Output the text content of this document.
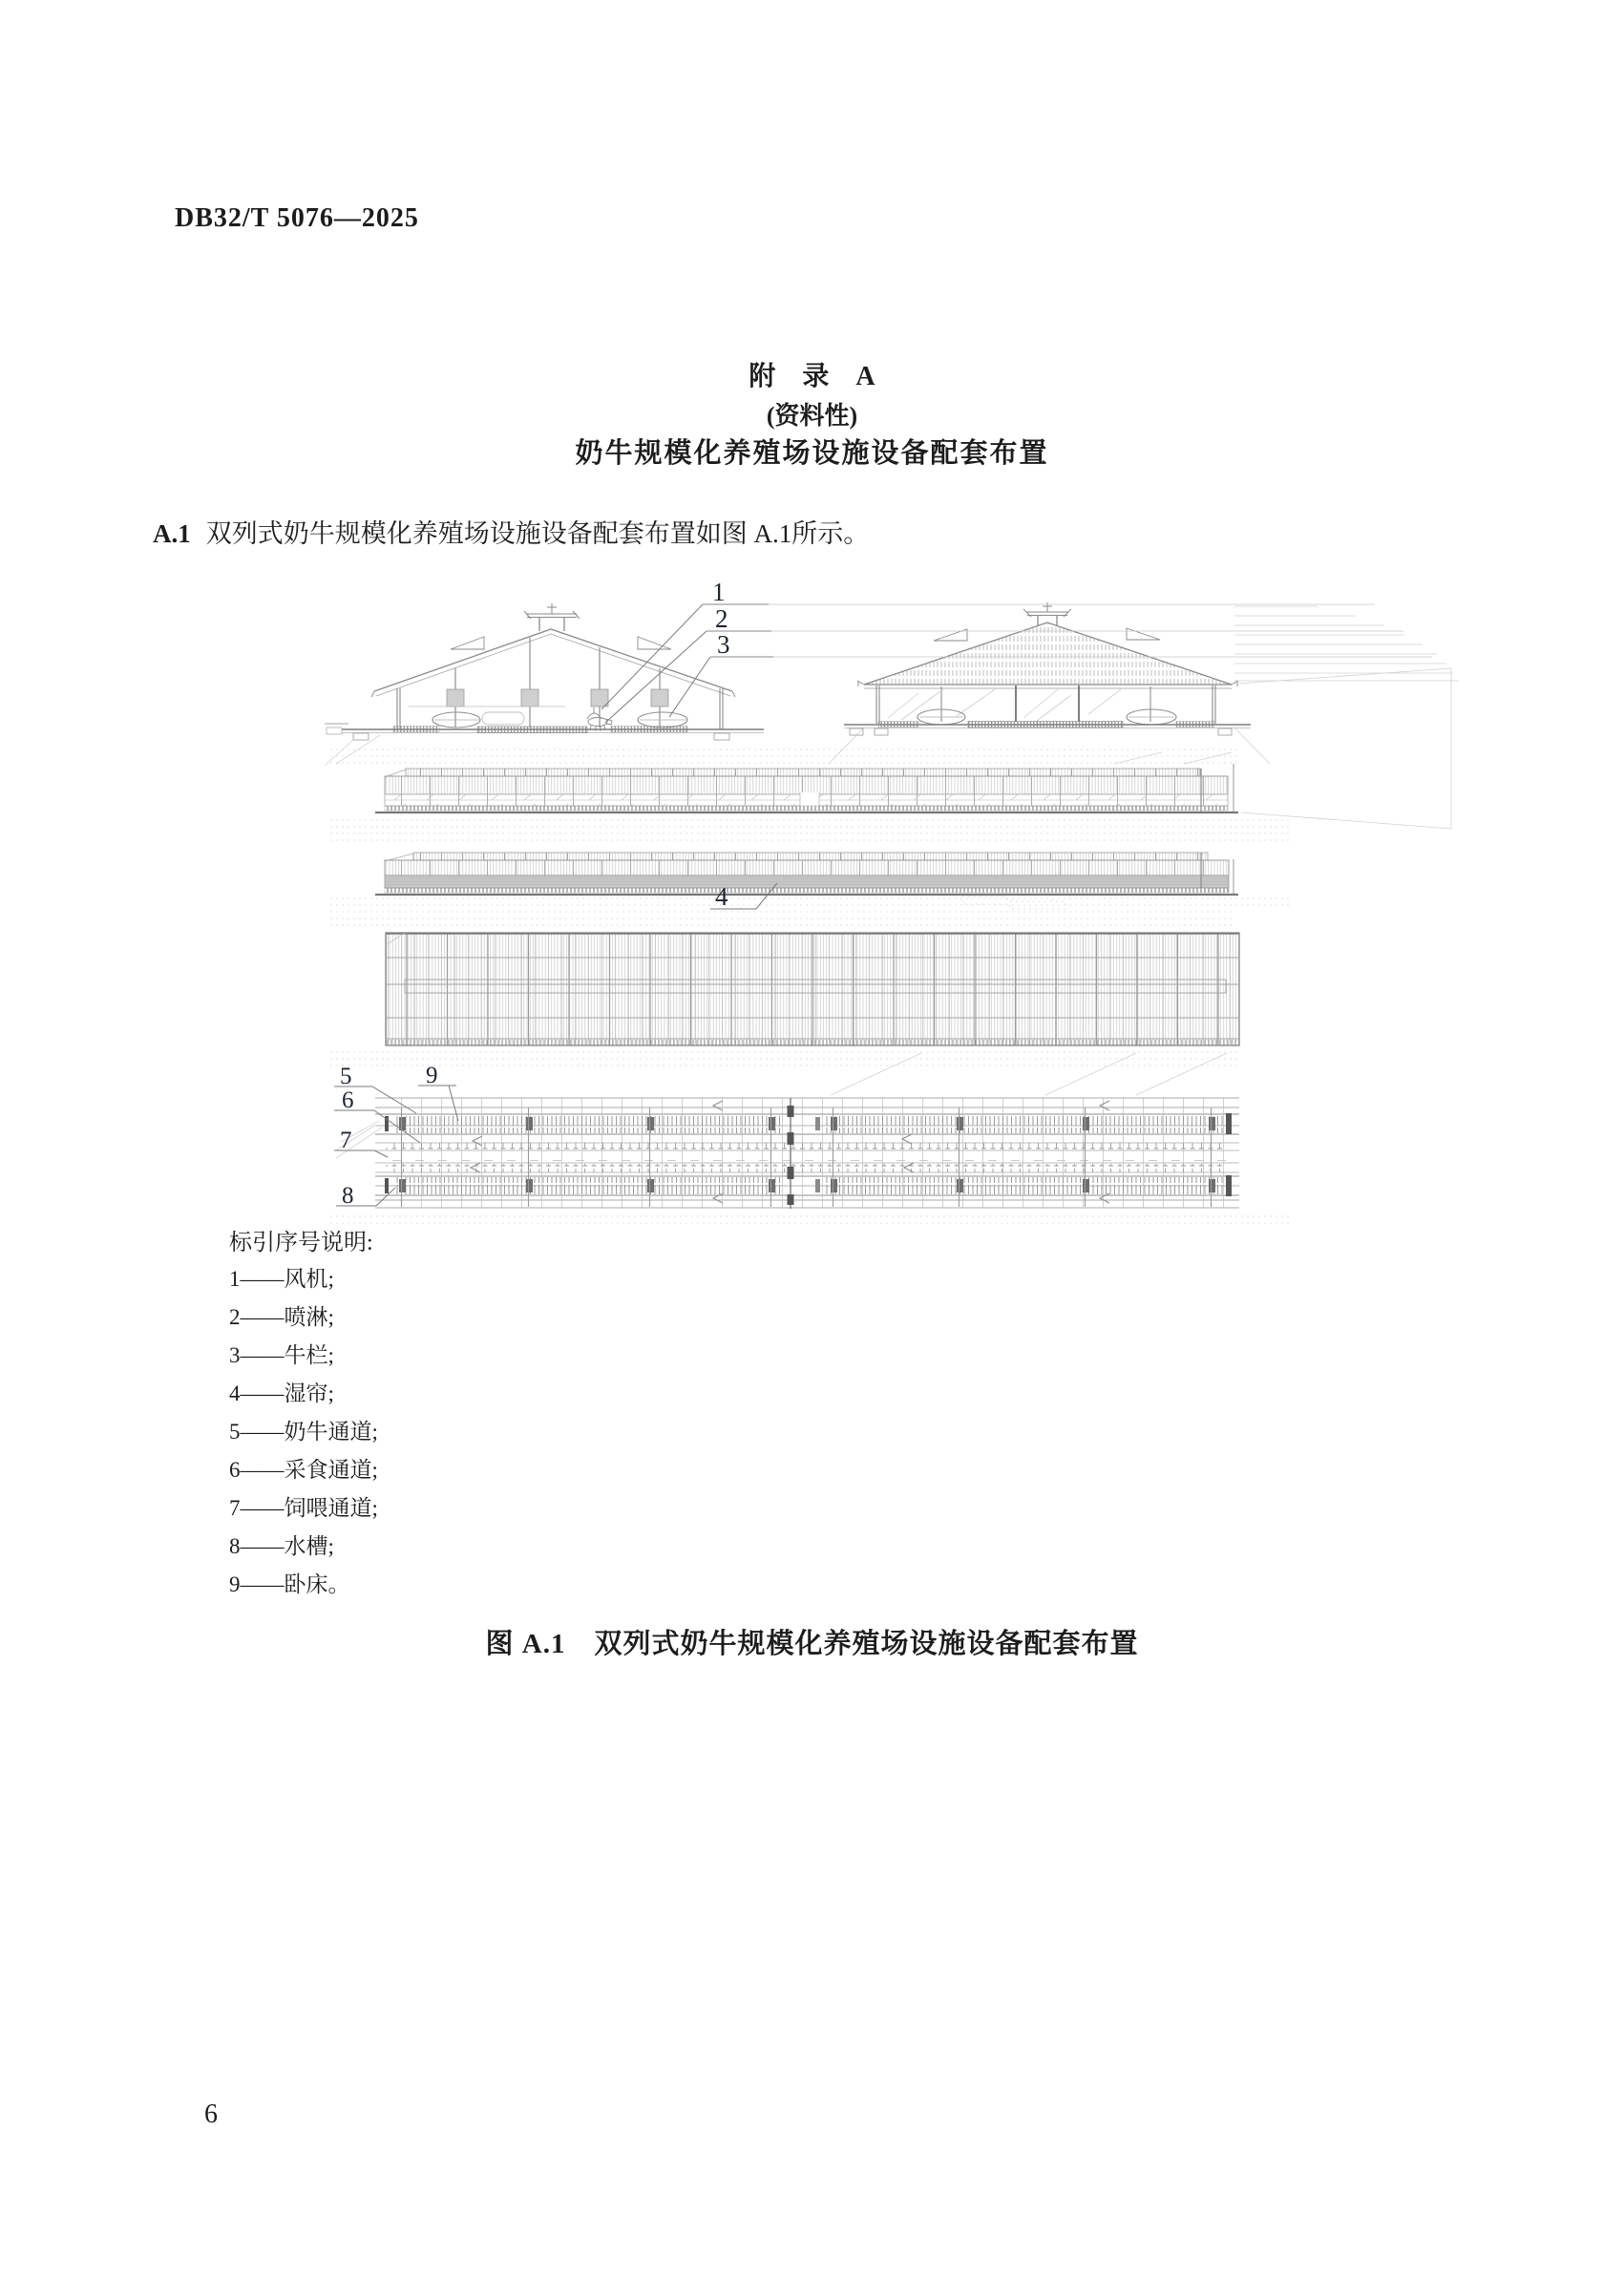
DB32/T 5076—2025
附　录　A
(资料性)
奶牛规模化养殖场设施设备配套布置
A.1 双列式奶牛规模化养殖场设施设备配套布置如图 A.1所示。
1
2
3
4
5
6
7
8
9
标引序号说明:
1——风机;
2——喷淋;
3——牛栏;
4——湿帘;
5——奶牛通道;
6——采食通道;
7——饲喂通道;
8——水槽;
9——卧床。
图 A.1　双列式奶牛规模化养殖场设施设备配套布置
6
